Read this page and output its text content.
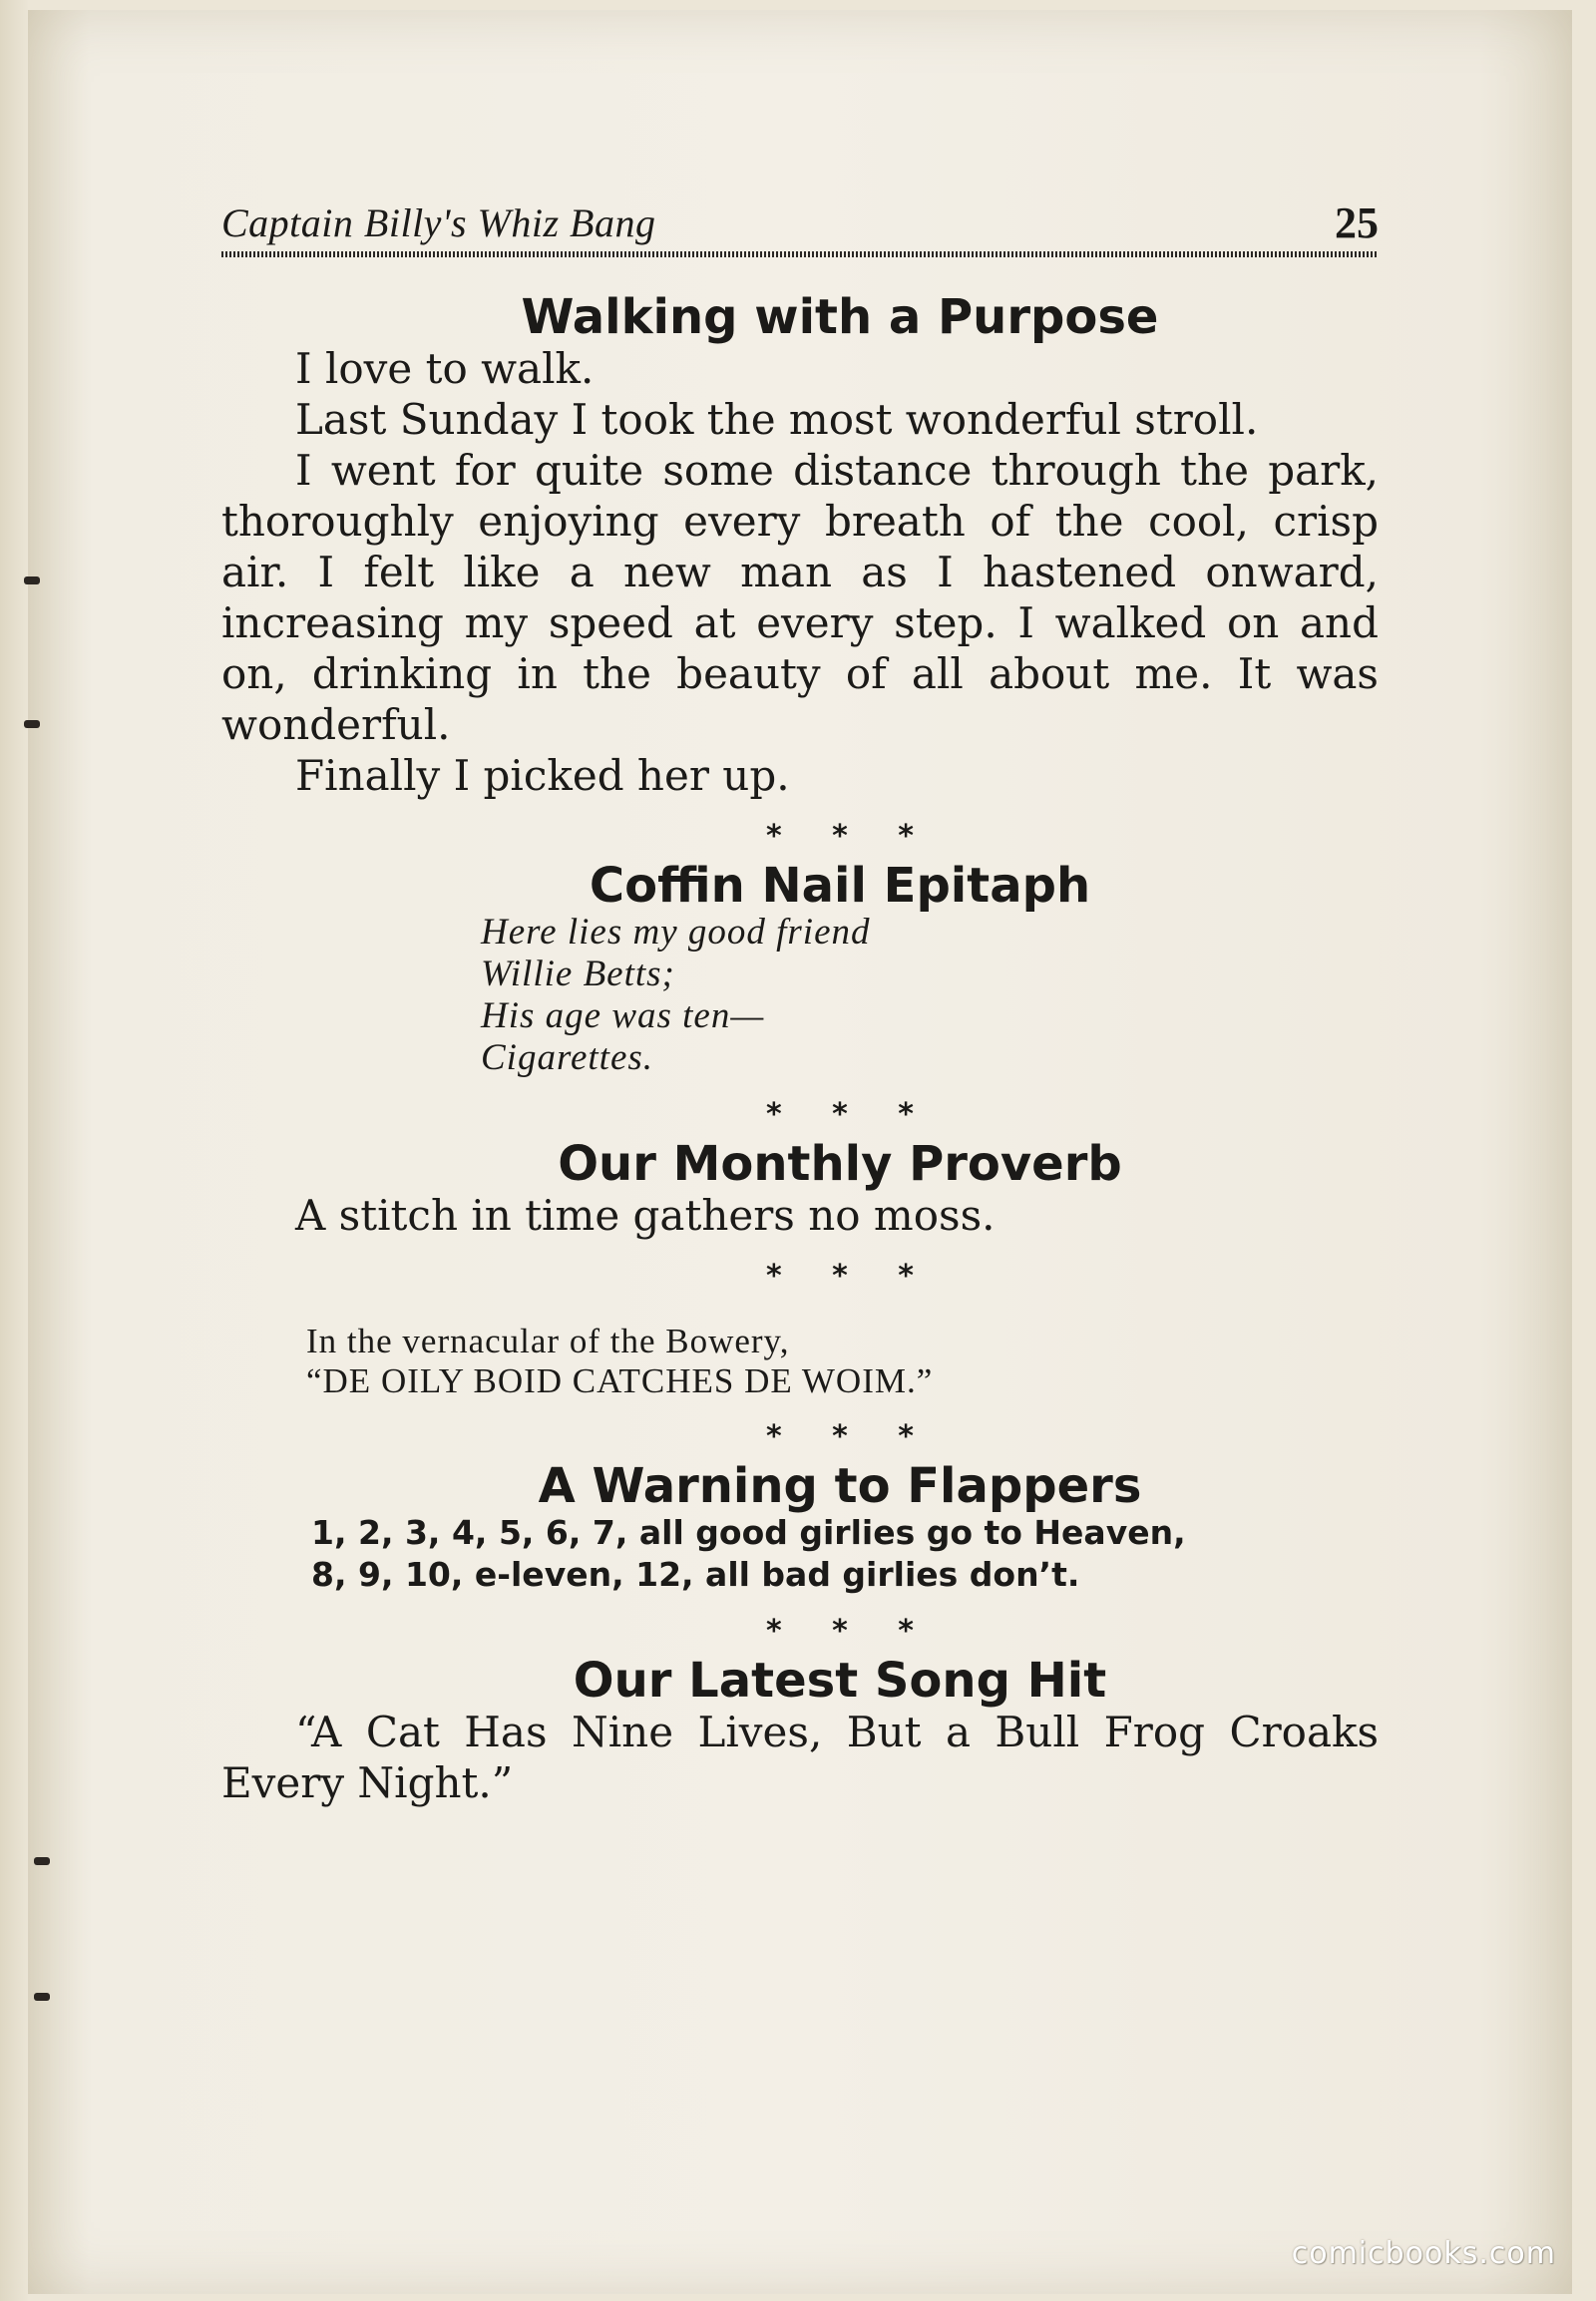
Captain Billy's Whiz Bang	25
Walking with a Purpose

I love to walk.

Last Sunday I took the most wonderful stroll.

I went for quite some distance through the park, thoroughly enjoying every breath of the cool, crisp air. I felt like a new man as I hastened onward, increasing my speed at every step. I walked on and on, drinking in the beauty of all about me. It was wonderful.

Finally I picked her up.

* * *
Coffin Nail Epitaph
Here lies my good friend
Willie Betts;
His age was ten—
Cigarettes.
* * *
Our Monthly Proverb

A stitch in time gathers no moss.

* * *
In the vernacular of the Bowery,
“DE OILY BOID CATCHES DE WOIM.”
* * *
A Warning to Flappers
1, 2, 3, 4, 5, 6, 7, all good girlies go to Heaven,
8, 9, 10, e-leven, 12, all bad girlies don’t.
* * *
Our Latest Song Hit

“A Cat Has Nine Lives, But a Bull Frog Croaks Every Night.”

comicbooks.com
